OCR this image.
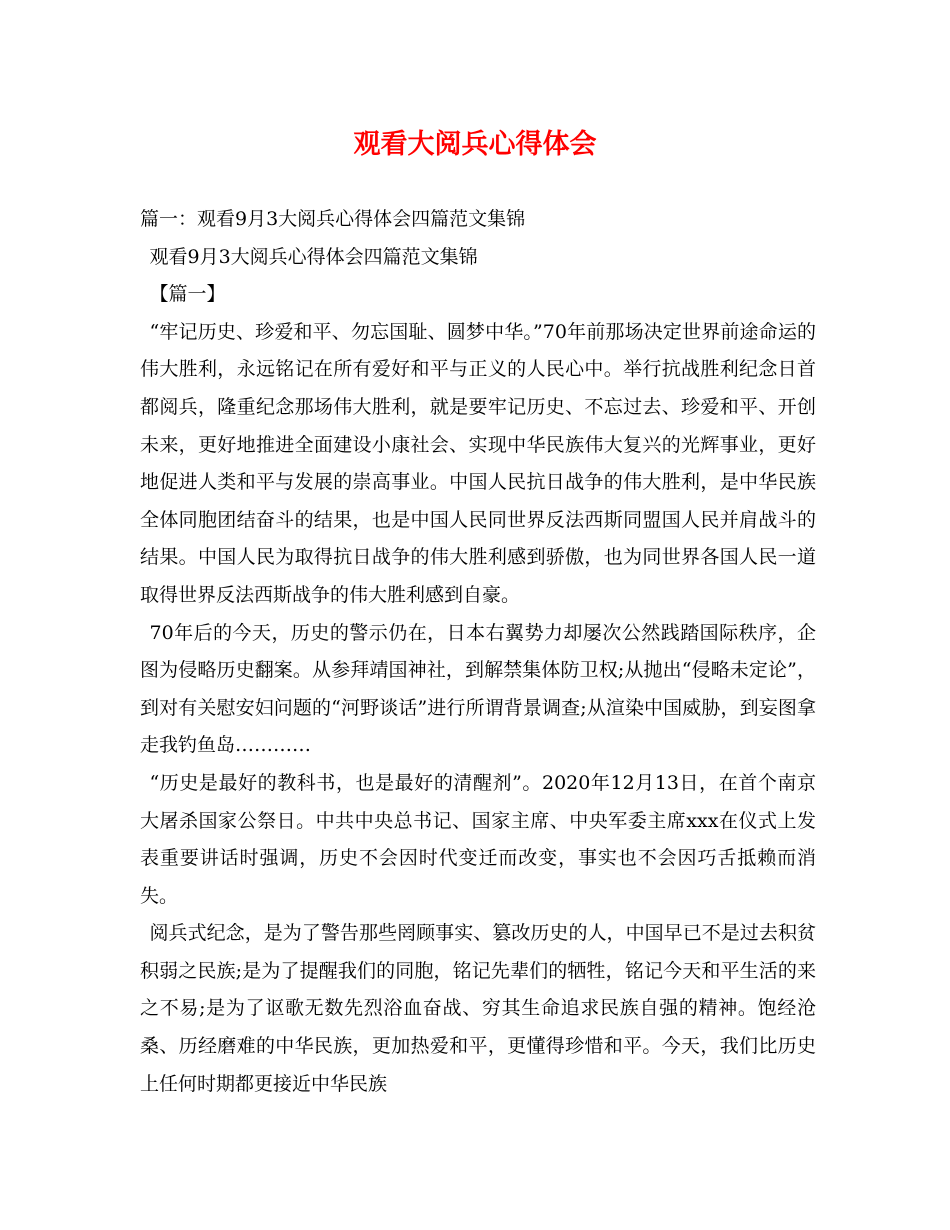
观看大阅兵心得体会

篇一：观看9月3大阅兵心得体会四篇范文集锦

观看9月3大阅兵心得体会四篇范文集锦

【篇一】

“牢记历史、珍爱和平、勿忘国耻、圆梦中华。”70年前那场决定世界前途命运的伟大胜利，永远铭记在所有爱好和平与正义的人民心中。举行抗战胜利纪念日首都阅兵，隆重纪念那场伟大胜利，就是要牢记历史、不忘过去、珍爱和平、开创未来，更好地推进全面建设小康社会、实现中华民族伟大复兴的光辉事业，更好地促进人类和平与发展的崇高事业。中国人民抗日战争的伟大胜利，是中华民族全体同胞团结奋斗的结果，也是中国人民同世界反法西斯同盟国人民并肩战斗的结果。中国人民为取得抗日战争的伟大胜利感到骄傲，也为同世界各国人民一道取得世界反法西斯战争的伟大胜利感到自豪。

70年后的今天，历史的警示仍在，日本右翼势力却屡次公然践踏国际秩序，企图为侵略历史翻案。从参拜靖国神社，到解禁集体防卫权;从抛出“侵略未定论”，到对有关慰安妇问题的“河野谈话”进行所谓背景调查;从渲染中国威胁，到妄图拿走我钓鱼岛…………

“历史是最好的教科书，也是最好的清醒剂”。2020年12月13日，在首个南京大屠杀国家公祭日。中共中央总书记、国家主席、中央军委主席xxx在仪式上发表重要讲话时强调，历史不会因时代变迁而改变，事实也不会因巧舌抵赖而消失。

阅兵式纪念，是为了警告那些罔顾事实、篡改历史的人，中国早已不是过去积贫积弱之民族;是为了提醒我们的同胞，铭记先辈们的牺牲，铭记今天和平生活的来之不易;是为了讴歌无数先烈浴血奋战、穷其生命追求民族自强的精神。饱经沧桑、历经磨难的中华民族，更加热爱和平，更懂得珍惜和平。今天，我们比历史上任何时期都更接近中华民族
